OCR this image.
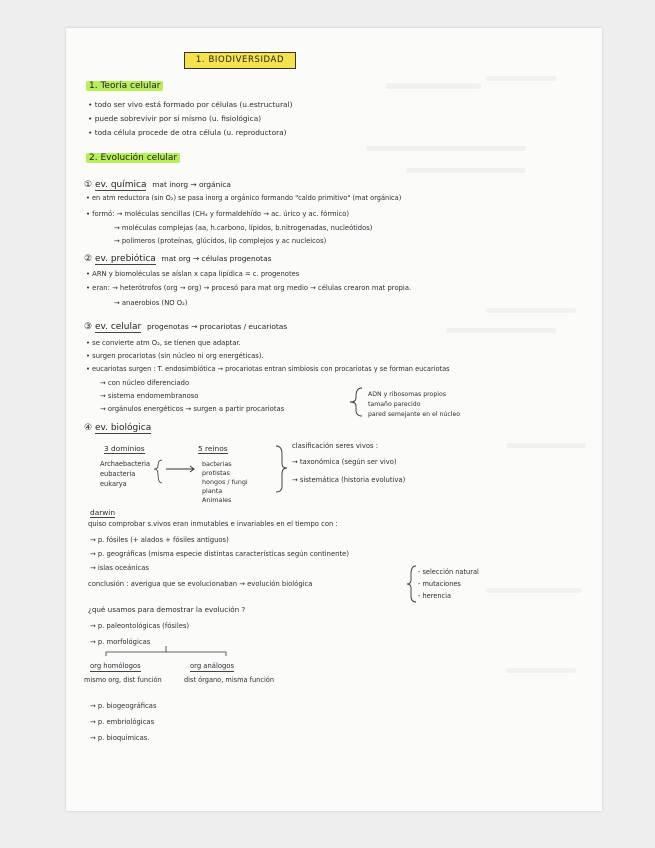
1. BIODIVERSIDAD
1. Teoría celular
• todo ser vivo está formado por células (u.estructural)
• puede sobrevivir por sí mismo (u. fisiológica)
• toda célula procede de otra célula (u. reproductora)
2. Evolución celular
① ev. química mat inorg → orgánica
• en atm reductora (sin O₂) se pasa inorg a orgánico formando "caldo primitivo" (mat orgánica)
• formó: → moléculas sencillas (CH₄ y formaldehído → ac. úrico y ac. fórmico)
→ moléculas complejas (aa, h.carbono, lípidos, b.nitrogenadas, nucleótidos)
→ polímeros (proteínas, glúcidos, lip complejos y ac nucleicos)
② ev. prebiótica mat org → células progenotas
• ARN y biomoléculas se aíslan x capa lipídica = c. progenotes
• eran: → heterótrofos (org → org) → procesó para mat org medio → células crearon mat propia.
→ anaerobios (NO O₂)
③ ev. celular progenotas → procariotas / eucariotas
• se convierte atm O₂, se tienen que adaptar.
• surgen procariotas (sin núcleo ni org energéticas).
• eucariotas surgen : T. endosimbiótica → procariotas entran simbiosis con procariotas y se forman eucariotas
→ con núcleo diferenciado
→ sistema endomembranoso
→ orgánulos energéticos → surgen a partir procariotas
ADN y ribosomas propios
tamaño parecido
pared semejante en el núcleo
④ ev. biológica
3 dominios
Archaebacteria
eubacteria
eukarya
5 reinos
bacterias
protistas
hongos / fungi
planta
Animales
clasificación seres vivos :
→ taxonómica (según ser vivo)
→ sistemática (historia evolutiva)
darwin
quiso comprobar s.vivos eran inmutables e invariables en el tiempo con :
→ p. fósiles (+ alados + fósiles antiguos)
→ p. geográficas (misma especie distintas características según continente)
→ islas oceánicas
conclusión : averigua que se evolucionaban → evolución biológica
- selección natural
- mutaciones
- herencia
¿qué usamos para demostrar la evolución ?
→ p. paleontológicas (fósiles)
→ p. morfológicas
org homólogos
mismo org, dist función
org análogos
dist órgano, misma función
→ p. biogeográficas
→ p. embriológicas
→ p. bioquímicas.
